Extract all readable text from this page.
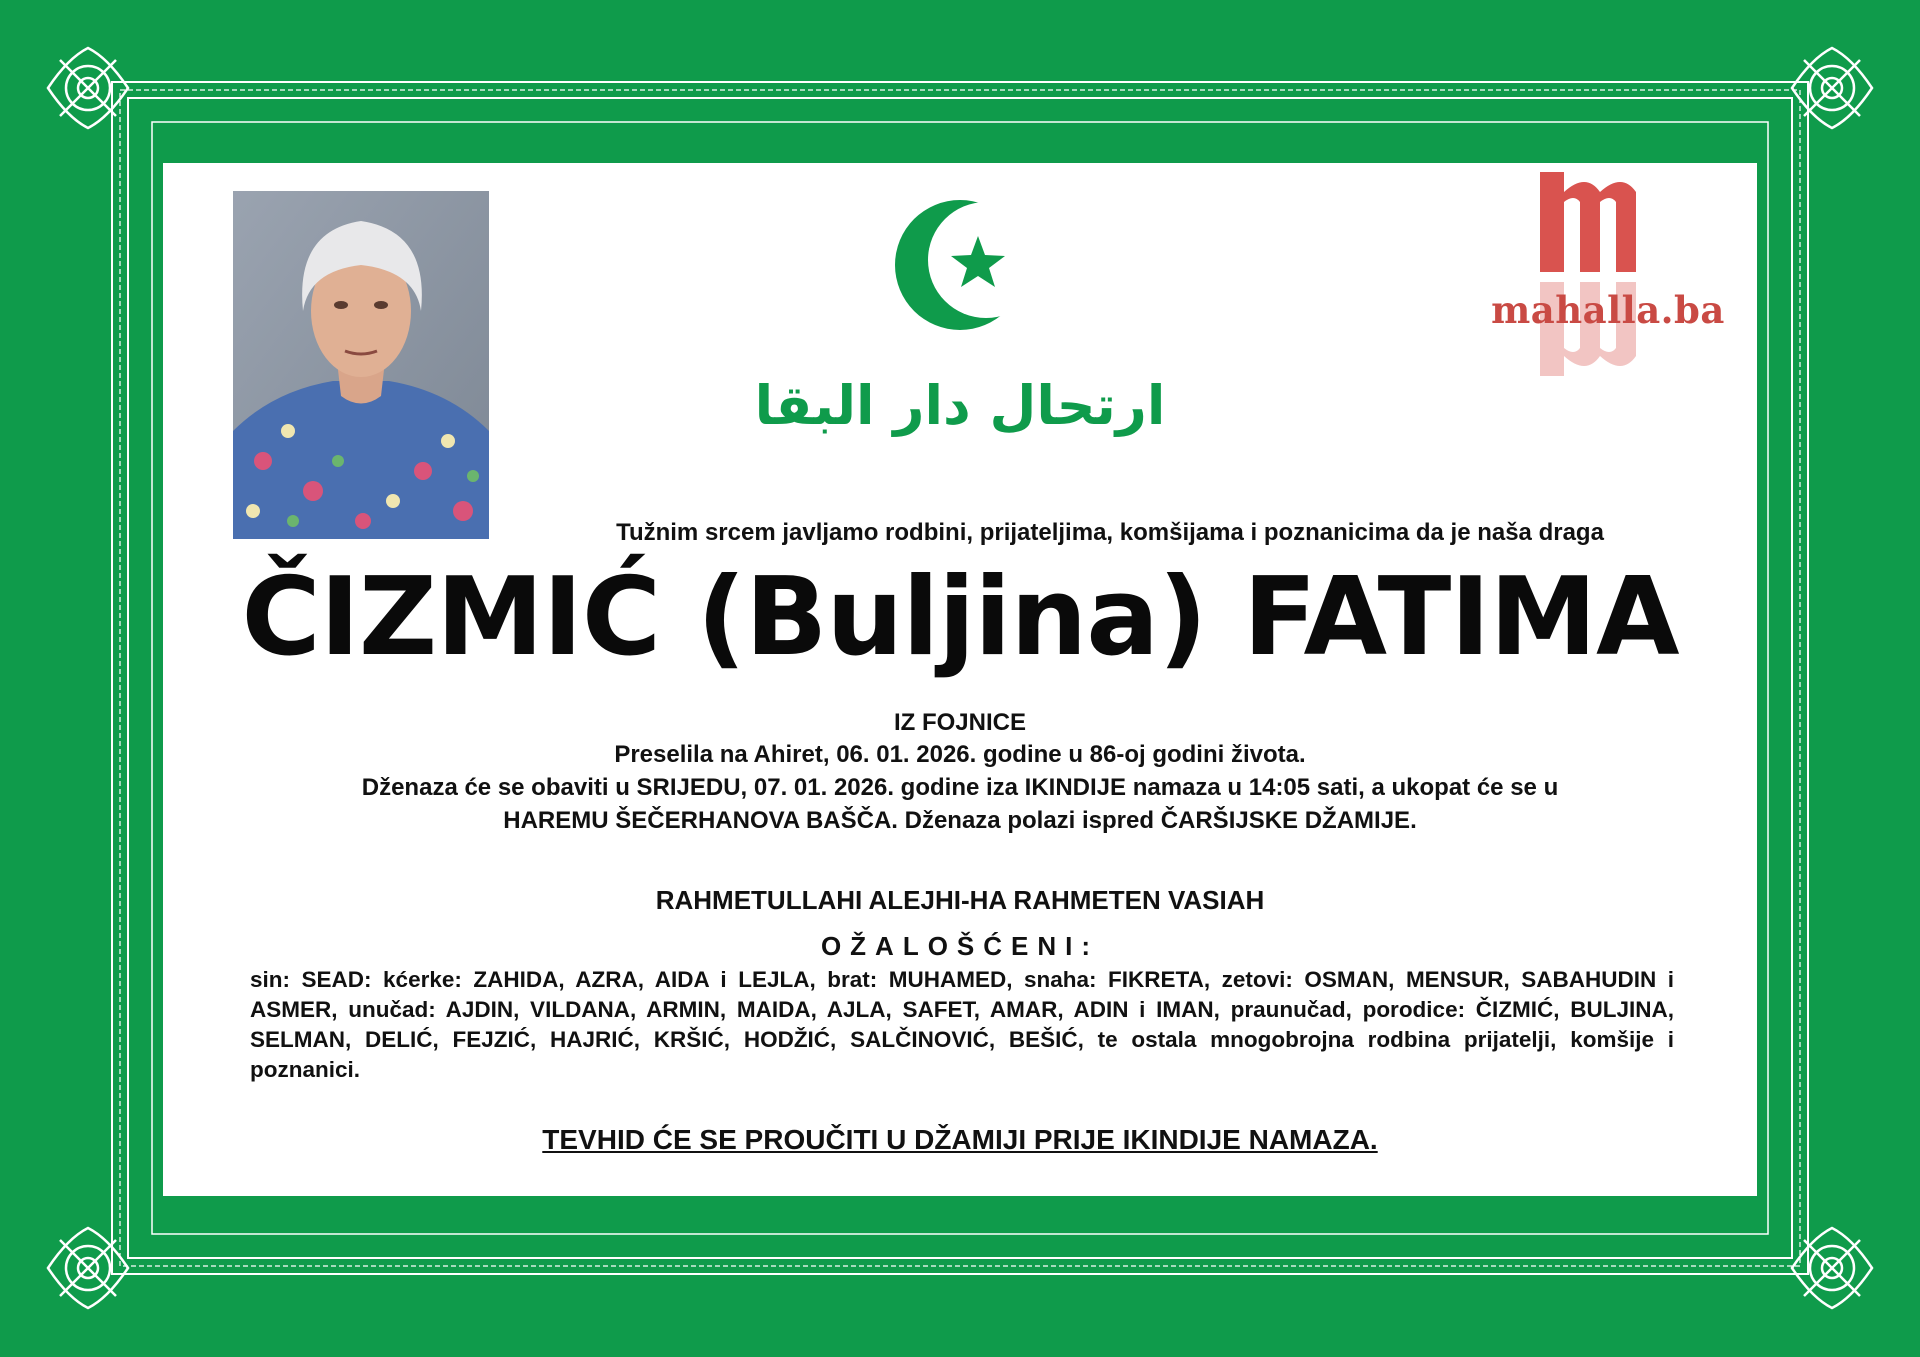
ارتحال دار البقا
mahalla.ba
Tužnim srcem javljamo rodbini, prijateljima, komšijama i poznanicima da je naša draga
ČIZMIĆ (Buljina) FATIMA
IZ FOJNICE
Preselila na Ahiret, 06. 01. 2026. godine u 86-oj godini života.
Dženaza će se obaviti u SRIJEDU, 07. 01. 2026. godine iza IKINDIJE namaza u 14:05 sati, a ukopat će se u
HAREMU ŠEČERHANOVA BAŠČA. Dženaza polazi ispred ČARŠIJSKE DŽAMIJE.
RAHMETULLAHI ALEJHI-HA RAHMETEN VASIAH
OŽALOŠĆENI:
sin: SEAD: kćerke: ZAHIDA, AZRA, AIDA i LEJLA, brat: MUHAMED, snaha: FIKRETA, zetovi: OSMAN, MENSUR, SABAHUDIN i ASMER, unučad: AJDIN, VILDANA, ARMIN, MAIDA, AJLA, SAFET, AMAR, ADIN i IMAN, praunučad, porodice: ČIZMIĆ, BULJINA, SELMAN, DELIĆ, FEJZIĆ, HAJRIĆ, KRŠIĆ, HODŽIĆ, SALČINOVIĆ, BEŠIĆ, te ostala mnogobrojna rodbina prijatelji, komšije i poznanici.
TEVHID ĆE SE PROUČITI U DŽAMIJI PRIJE IKINDIJE NAMAZA.
